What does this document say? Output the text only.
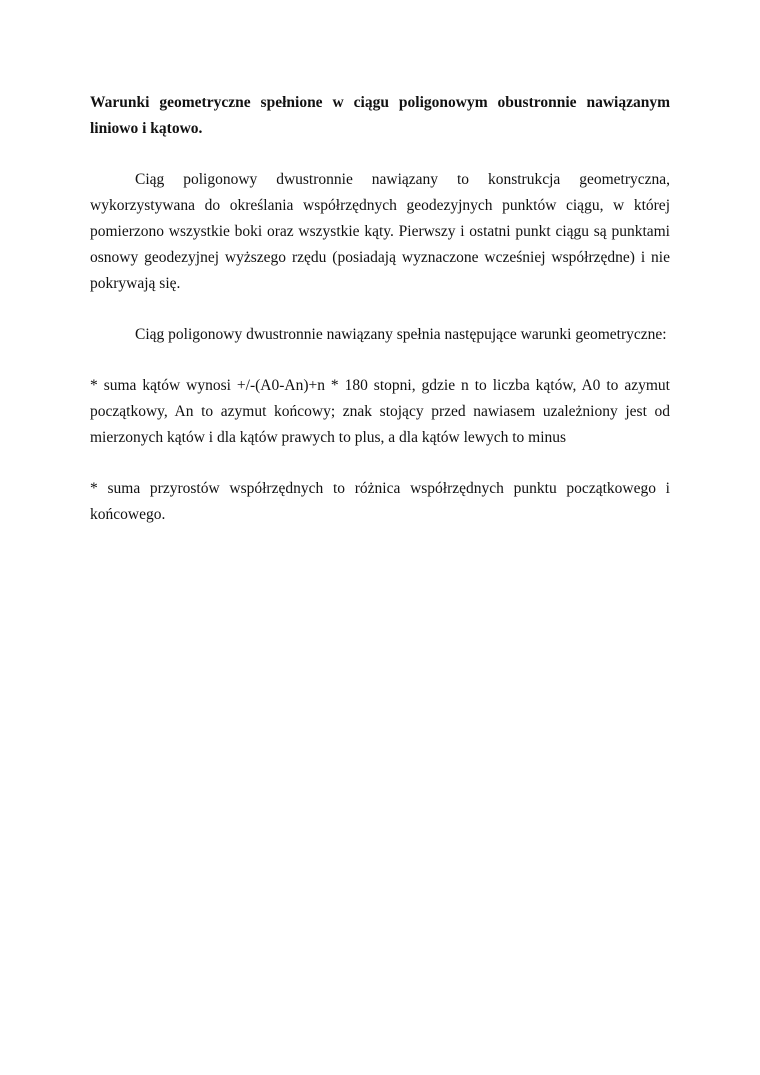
Warunki geometryczne spełnione w ciągu poligonowym obustronnie nawiązanym liniowo i kątowo.

Ciąg poligonowy dwustronnie nawiązany to konstrukcja geometryczna, wykorzystywana do określania współrzędnych geodezyjnych punktów ciągu, w której pomierzono wszystkie boki oraz wszystkie kąty. Pierwszy i ostatni punkt ciągu są punktami osnowy geodezyjnej wyższego rzędu (posiadają wyznaczone wcześniej współrzędne) i nie pokrywają się.

Ciąg poligonowy dwustronnie nawiązany spełnia następujące warunki geometryczne:

* suma kątów wynosi +/-(A0-An)+n * 180 stopni, gdzie n to liczba kątów, A0 to azymut początkowy, An to azymut końcowy; znak stojący przed nawiasem uzależniony jest od mierzonych kątów i dla kątów prawych to plus, a dla kątów lewych to minus

* suma przyrostów współrzędnych to różnica współrzędnych punktu początkowego i końcowego.
